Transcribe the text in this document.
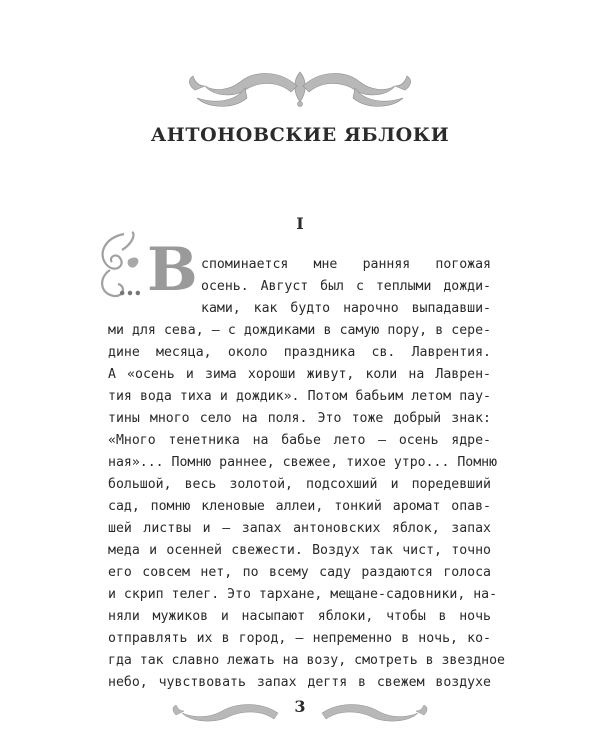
АНТОНОВСКИЕ ЯБЛОКИ
I
… В споминается мне ранняя погожая
осень. Август был с теплыми дожди-
ками, как будто нарочно выпадавши-
ми для сева, — с дождиками в самую пору, в сере-
дине месяца, около праздника св. Лаврентия.
А «осень и зима хороши живут, коли на Лаврен-
тия вода тиха и дождик». Потом бабьим летом пау-
тины много село на поля. Это тоже добрый знак:
«Много тенетника на бабье лето — осень ядре-
ная»... Помню раннее, свежее, тихое утро... Помню
большой, весь золотой, подсохший и поредевший
сад, помню кленовые аллеи, тонкий аромат опав-
шей листвы и — запах антоновских яблок, запах
меда и осенней свежести. Воздух так чист, точно
его совсем нет, по всему саду раздаются голоса
и скрип телег. Это тархане, мещане-садовники, на-
няли мужиков и насыпают яблоки, чтобы в ночь
отправлять их в город, — непременно в ночь, ко-
гда так славно лежать на возу, смотреть в звездное
небо, чувствовать запах дегтя в свежем воздухе
3
